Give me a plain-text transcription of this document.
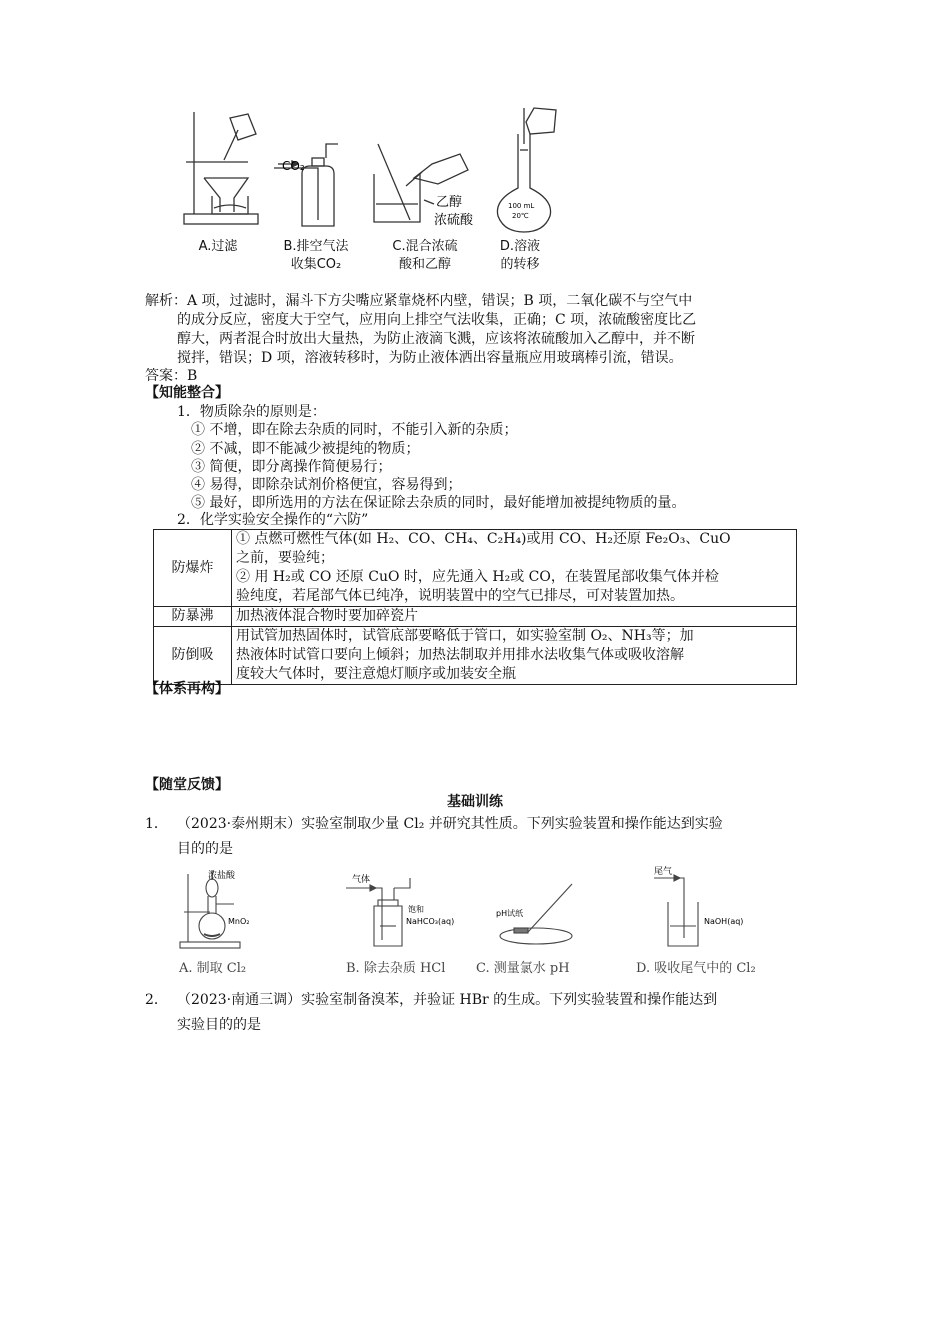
CO₂
乙醇
浓硫酸
100 mL
20℃
A.过滤	B.排空气法
收集CO₂
C.混合浓硫
酸和乙醇
D.溶液
的转移
解析：A 项，过滤时，漏斗下方尖嘴应紧靠烧杯内壁，错误；B 项，二氧化碳不与空气中
的成分反应，密度大于空气，应用向上排空气法收集，正确；C 项，浓硫酸密度比乙
醇大，两者混合时放出大量热，为防止液滴飞溅，应该将浓硫酸加入乙醇中，并不断
搅拌，错误；D 项，溶液转移时，为防止液体洒出容量瓶应用玻璃棒引流，错误。
答案：B
【知能整合】
1．物质除杂的原则是：
① 不增，即在除去杂质的同时，不能引入新的杂质；
② 不减，即不能减少被提纯的物质；
③ 简便，即分离操作简便易行；
④ 易得，即除杂试剂价格便宜，容易得到；
⑤ 最好，即所选用的方法在保证除去杂质的同时，最好能增加被提纯物质的量。
2．化学实验安全操作的“六防”
防爆炸	① 点燃可燃性气体(如 H₂、CO、CH₄、C₂H₄)或用 CO、H₂还原 Fe₂O₃、CuO
之前，要验纯；
② 用 H₂或 CO 还原 CuO 时，应先通入 H₂或 CO，在装置尾部收集气体并检
验纯度，若尾部气体已纯净，说明装置中的空气已排尽，可对装置加热。

防暴沸	加热液体混合物时要加碎瓷片

防倒吸	用试管加热固体时，试管底部要略低于管口，如实验室制 O₂、NH₃等；加
热液体时试管口要向上倾斜；加热法制取并用排水法收集气体或吸收溶解
度较大气体时，要注意熄灯顺序或加装安全瓶
【体系再构】
【随堂反馈】
基础训练
1． （2023·泰州期末）实验室制取少量 Cl₂ 并研究其性质。下列实验装置和操作能达到实验
目的的是
浓盐酸
MnO₂
气体
饱和
NaHCO₃(aq)
pH试纸
尾气
NaOH(aq)
A. 制取 Cl₂	B. 除去杂质 HCl C. 测量氯水 pH	D. 吸收尾气中的 Cl₂
2． （2023·南通三调）实验室制备溴苯，并验证 HBr 的生成。下列实验装置和操作能达到
实验目的的是
